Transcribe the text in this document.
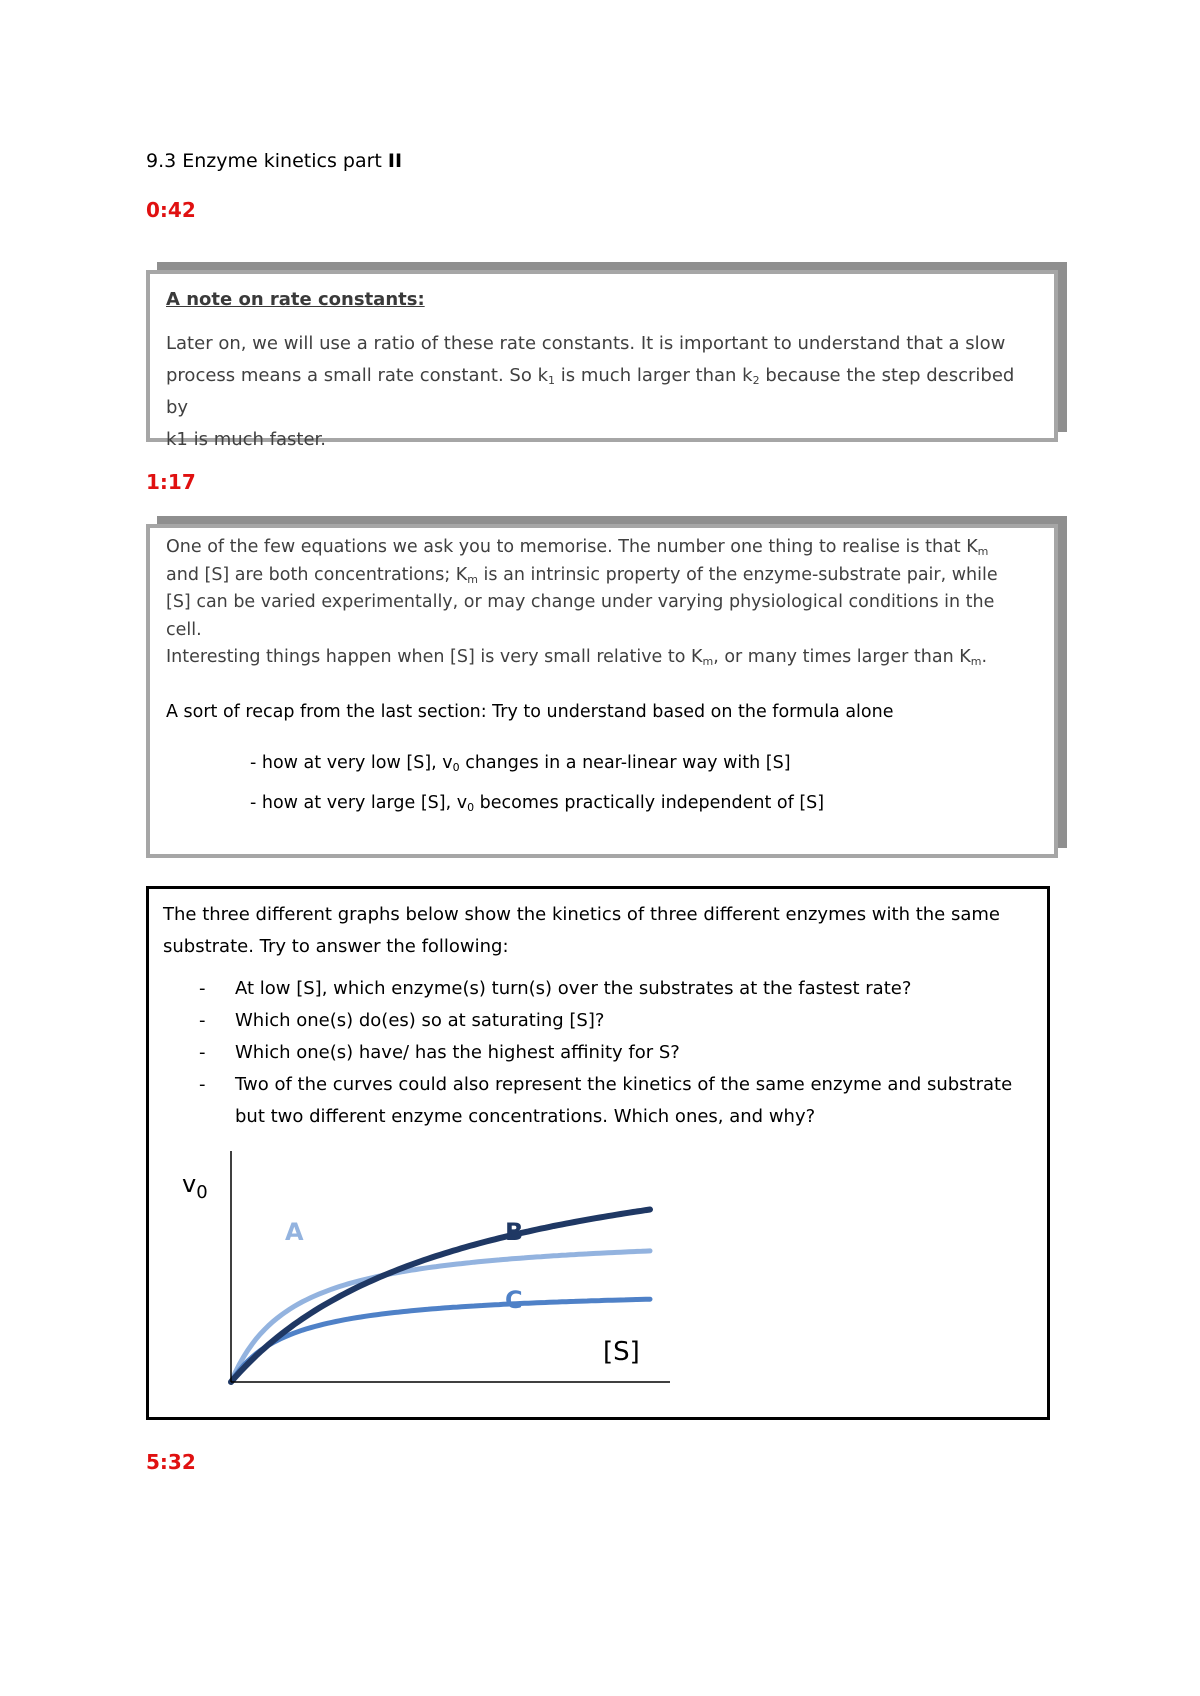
9.3 Enzyme kinetics part II
0:42
A note on rate constants:
Later on, we will use a ratio of these rate constants. It is important to understand that a slow
process means a small rate constant. So $k_1$ is much larger than $k_2$ because the step described by
k1 is much faster.
1:17
One of the few equations we ask you to memorise. The number one thing to realise is that $K_m$
and [S] are both concentrations; $K_m$ is an intrinsic property of the enzyme-substrate pair, while
[S] can be varied experimentally, or may change under varying physiological conditions in the
cell.
Interesting things happen when [S] is very small relative to $K_m$, or many times larger than $K_m$.
A sort of recap from the last section: Try to understand based on the formula alone
- how at very low [S], $v_0$ changes in a near-linear way with [S]
- how at very large [S], $v_0$ becomes practically independent of [S]
The three different graphs below show the kinetics of three different enzymes with the same
substrate. Try to answer the following:
- At low [S], which enzyme(s) turn(s) over the substrates at the fastest rate?
- Which one(s) do(es) so at saturating [S]?
- Which one(s) have/ has the highest affinity for S?
- Two of the curves could also represent the kinetics of the same enzyme and substrate
but two different enzyme concentrations. Which ones, and why?
$v_0$
[S]
A
C
B
5:32
